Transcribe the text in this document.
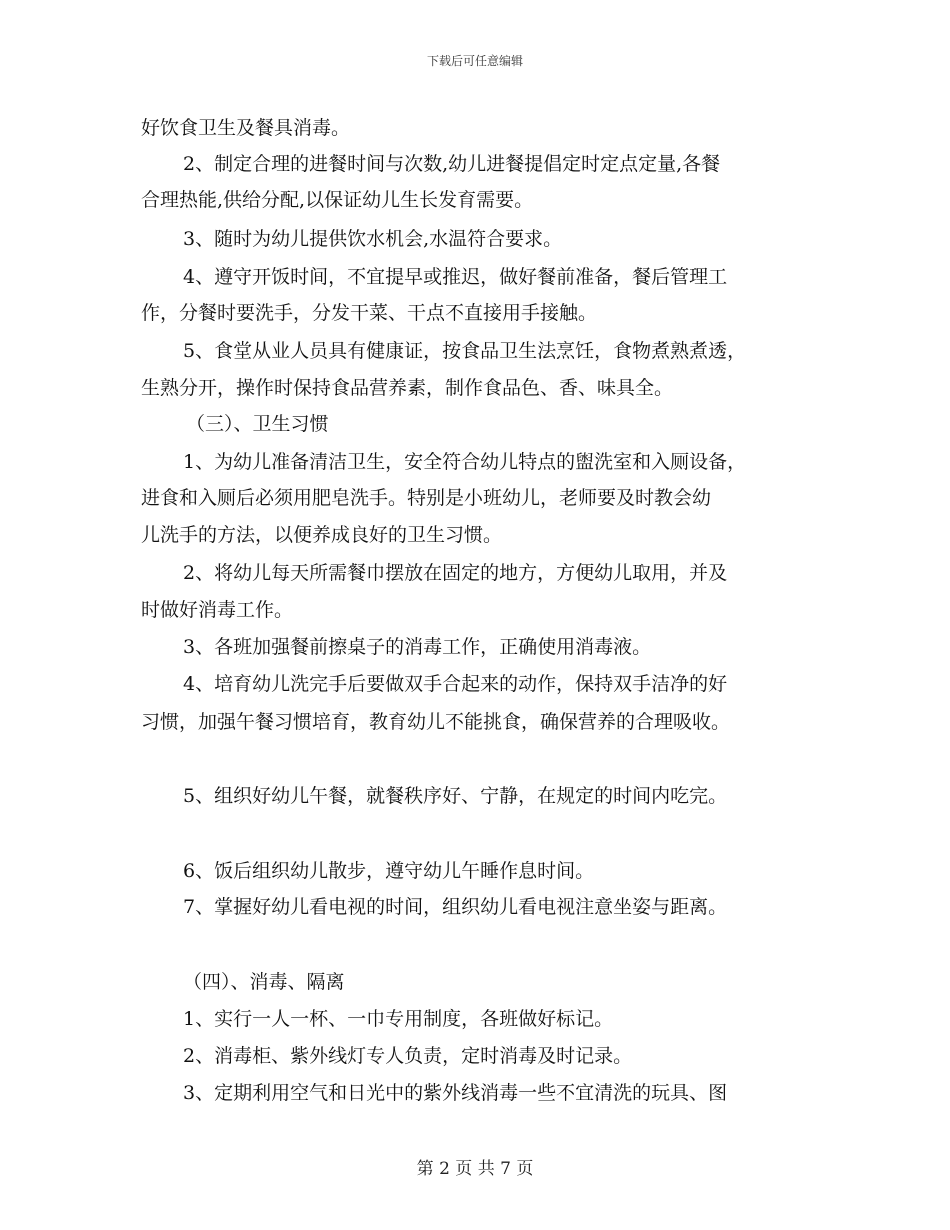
下载后可任意编辑
好饮食卫生及餐具消毒。
2、制定合理的进餐时间与次数,幼儿进餐提倡定时定点定量,各餐
合理热能,供给分配,以保证幼儿生长发育需要。
3、随时为幼儿提供饮水机会,水温符合要求。
4、遵守开饭时间，不宜提早或推迟，做好餐前准备，餐后管理工
作，分餐时要洗手，分发干菜、干点不直接用手接触。
5、食堂从业人员具有健康证，按食品卫生法烹饪，食物煮熟煮透，
生熟分开，操作时保持食品营养素，制作食品色、香、味具全。
（三）、卫生习惯
1、为幼儿准备清洁卫生，安全符合幼儿特点的盥洗室和入厕设备，
进食和入厕后必须用肥皂洗手。特别是小班幼儿，老师要及时教会幼
儿洗手的方法，以便养成良好的卫生习惯。
2、将幼儿每天所需餐巾摆放在固定的地方，方便幼儿取用，并及
时做好消毒工作。
3、各班加强餐前擦桌子的消毒工作，正确使用消毒液。
4、培育幼儿洗完手后要做双手合起来的动作，保持双手洁净的好
习惯，加强午餐习惯培育，教育幼儿不能挑食，确保营养的合理吸收。
5、组织好幼儿午餐，就餐秩序好、宁静，在规定的时间内吃完。
6、饭后组织幼儿散步，遵守幼儿午睡作息时间。
7、掌握好幼儿看电视的时间，组织幼儿看电视注意坐姿与距离。
（四）、消毒、隔离
1、实行一人一杯、一巾专用制度，各班做好标记。
2、消毒柜、紫外线灯专人负责，定时消毒及时记录。
3、定期利用空气和日光中的紫外线消毒一些不宜清洗的玩具、图
第 2 页 共 7 页
